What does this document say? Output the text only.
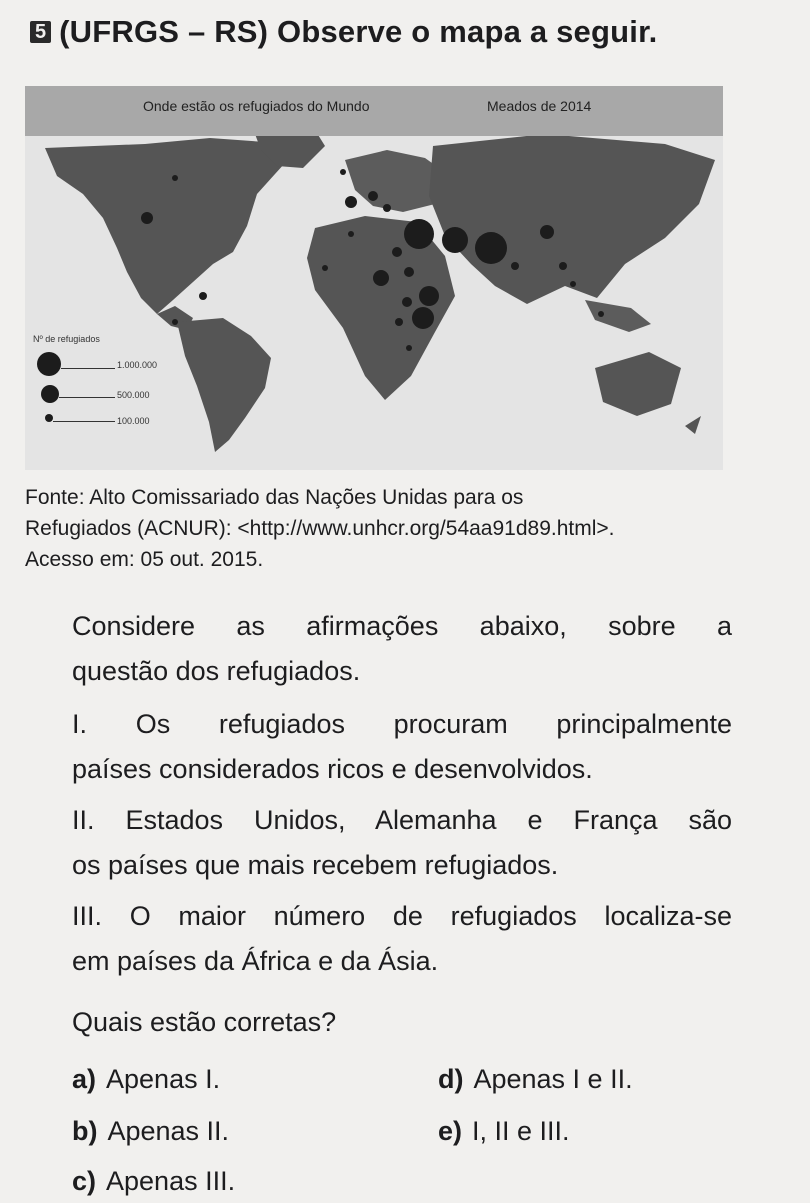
5 (UFRGS – RS) Observe o mapa a seguir.
Onde estão os refugiados do Mundo	Meados de 2014
Nº de refugiados
1.000.000
500.000
100.000
Fonte: Alto Comissariado das Nações Unidas para os
Refugiados (ACNUR): <http://www.unhcr.org/54aa91d89.html>.
Acesso em: 05 out. 2015.

Considere as afirmações abaixo, sobre a

questão dos refugiados.

I. Os refugiados procuram principalmente

países considerados ricos e desenvolvidos.

II. Estados Unidos, Alemanha e França são

os países que mais recebem refugiados.

III. O maior número de refugiados localiza-se

em países da África e da Ásia.

Quais estão corretas?

a) Apenas I.	d) Apenas I e II.
b) Apenas II.	e) I, II e III.
c) Apenas III.
